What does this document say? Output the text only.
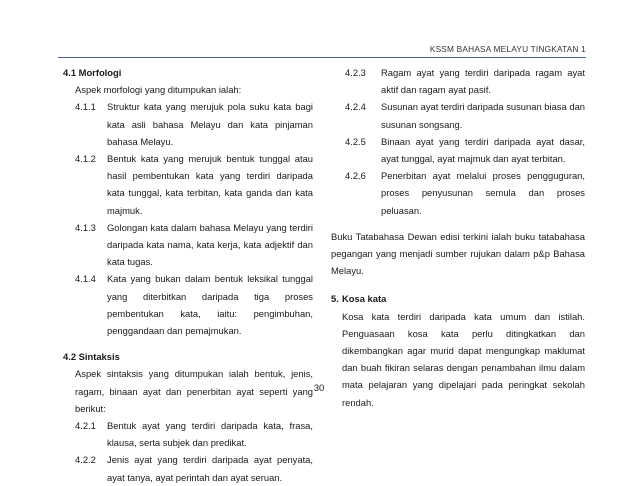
KSSM BAHASA MELAYU TINGKATAN 1
4.1 Morfologi
Aspek morfologi yang ditumpukan ialah:
4.1.1	Struktur kata yang merujuk pola suku kata bagi kata asli bahasa Melayu dan kata pinjaman bahasa Melayu.
4.1.2	Bentuk kata yang merujuk bentuk tunggal atau hasil pembentukan kata yang terdiri daripada kata tunggal, kata terbitan, kata ganda dan kata majmuk.
4.1.3	Golongan kata dalam bahasa Melayu yang terdiri daripada kata nama, kata kerja, kata adjektif dan kata tugas.
4.1.4	Kata yang bukan dalam bentuk leksikal tunggal yang diterbitkan daripada tiga proses pembentukan kata, iaitu: pengimbuhan, penggandaan dan pemajmukan.
4.2 Sintaksis
Aspek sintaksis yang ditumpukan ialah bentuk, jenis, ragam, binaan ayat dan penerbitan ayat seperti yang berikut:
4.2.1	Bentuk ayat yang terdiri daripada kata, frasa, klausa, serta subjek dan predikat.
4.2.2	Jenis ayat yang terdiri daripada ayat penyata, ayat tanya, ayat perintah dan ayat seruan.
4.2.3	Ragam ayat yang terdiri daripada ragam ayat aktif dan ragam ayat pasif.
4.2.4	Susunan ayat terdiri daripada susunan biasa dan susunan songsang.
4.2.5	Binaan ayat yang terdiri daripada ayat dasar, ayat tunggal, ayat majmuk dan ayat terbitan.
4.2.6	Penerbitan ayat melalui proses pengguguran, proses penyusunan semula dan proses peluasan.
Buku Tatabahasa Dewan edisi terkini ialah buku tatabahasa pegangan yang menjadi sumber rujukan dalam p&p Bahasa Melayu.
5. Kosa kata
Kosa kata terdiri daripada kata umum dan istilah. Penguasaan kosa kata perlu ditingkatkan dan dikembangkan agar murid dapat mengungkap maklumat dan buah fikiran selaras dengan penambahan ilmu dalam mata pelajaran yang dipelajari pada peringkat sekolah rendah.
30
